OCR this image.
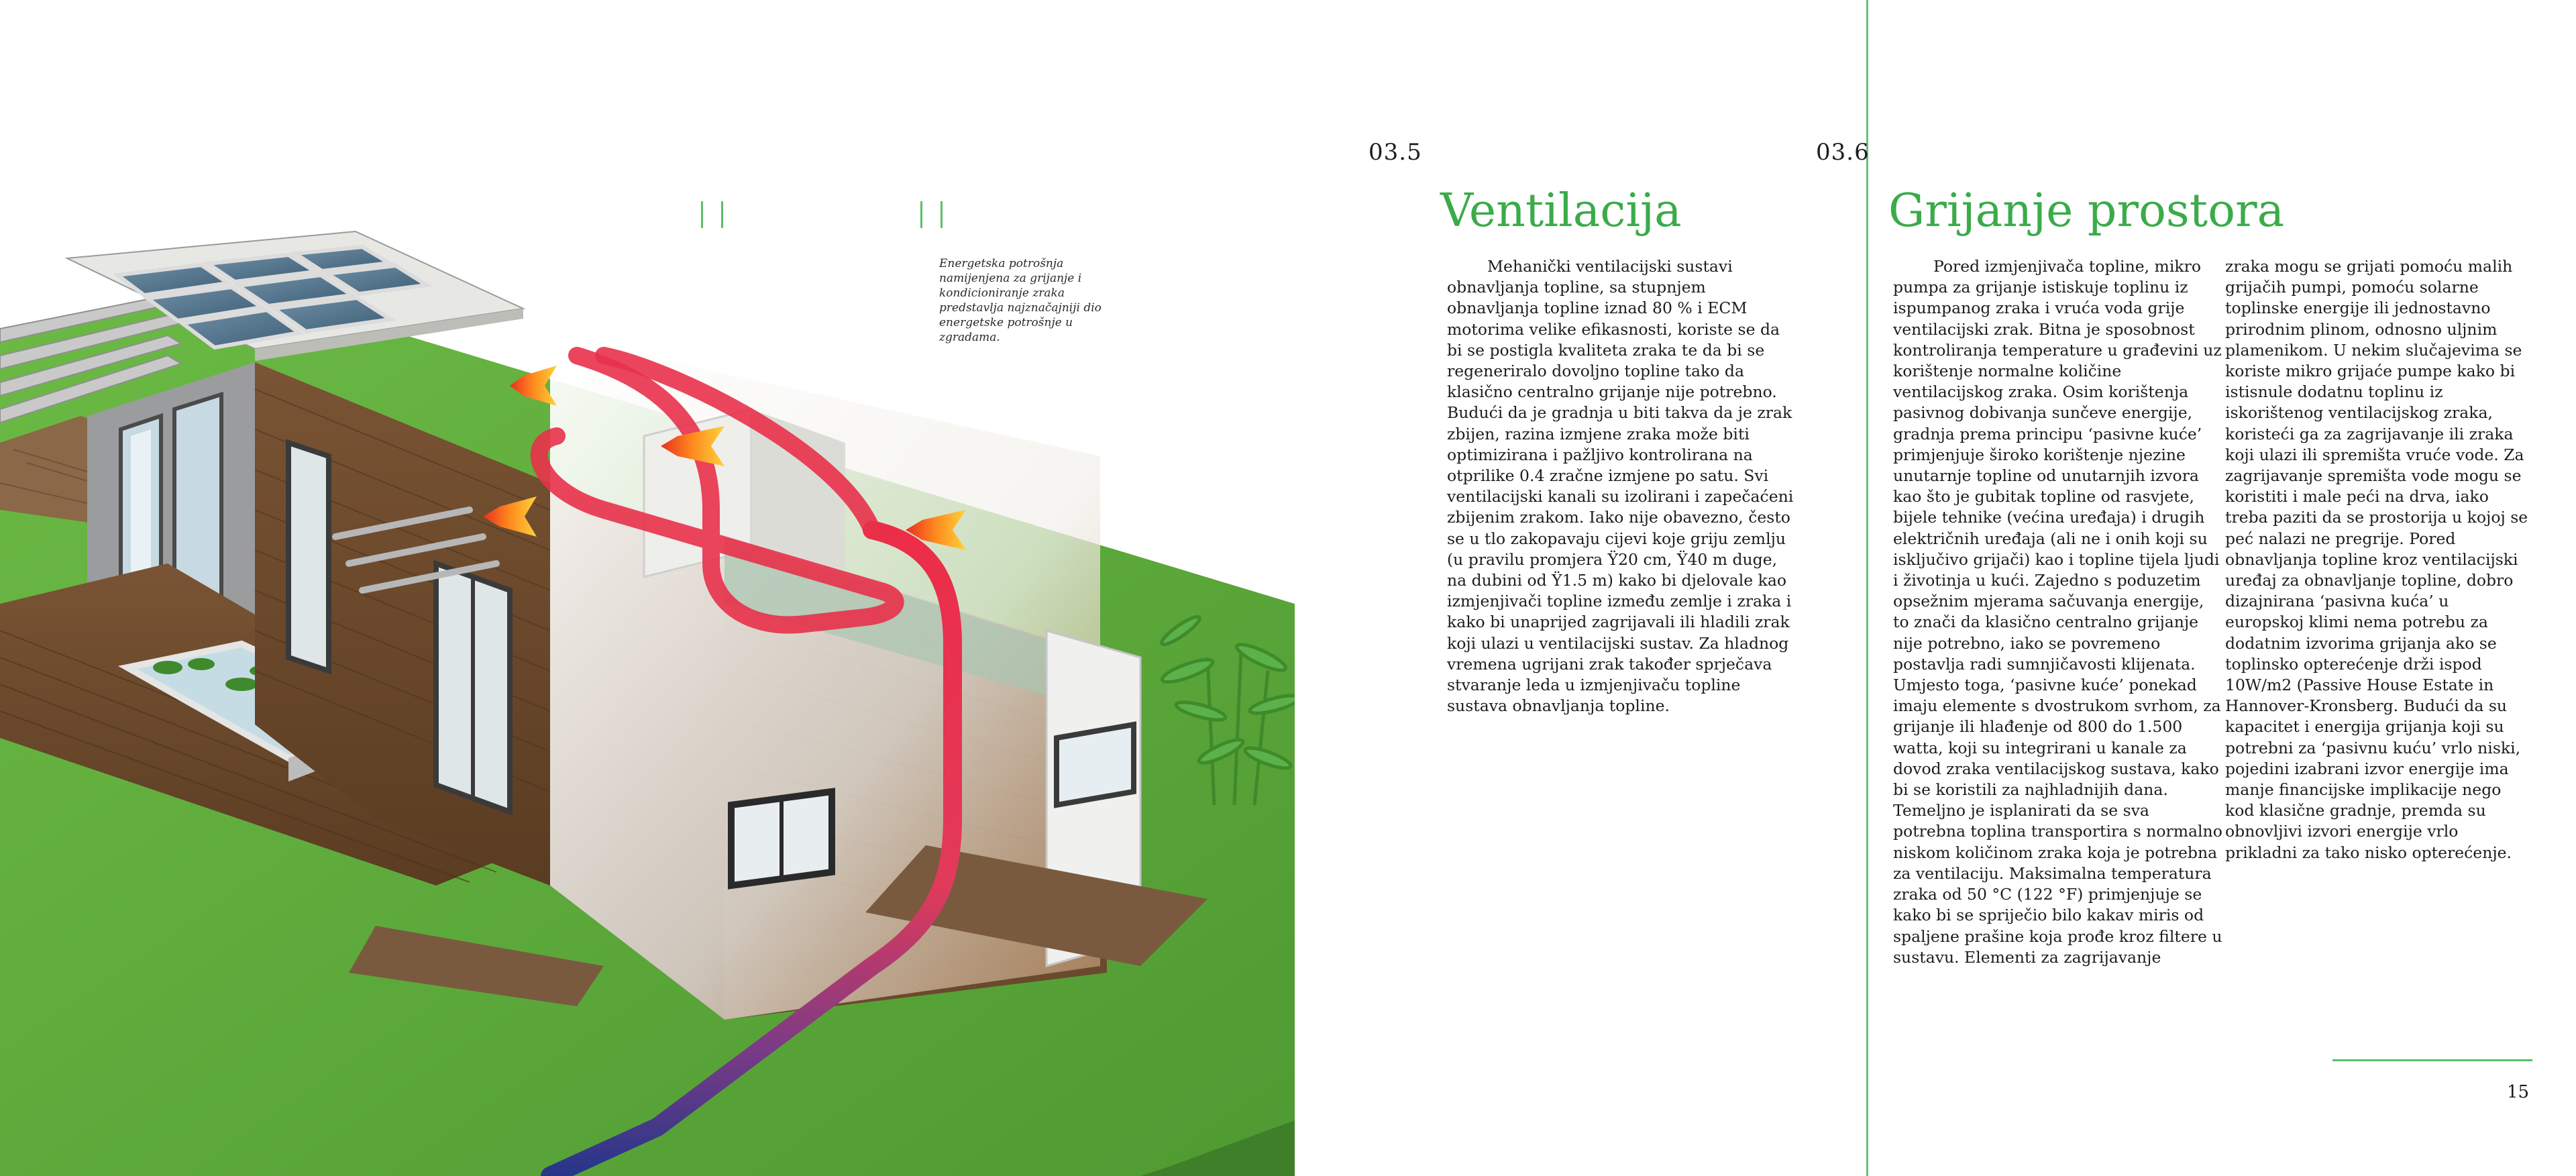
Energetska potrošnja namijenjena za grijanje i kondicioniranje zraka predstavlja najznačajniji dio energetske potrošnje u zgradama.

03.5

Ventilacija

Mehanički ventilacijski sustavi obnavljanja topline, sa stupnjem obnavljanja topline iznad 80 % i ECM motorima velike efikasnosti, koriste se da bi se postigla kvaliteta zraka te da bi se regeneriralo dovoljno topline tako da klasično centralno grijanje nije potrebno. Budući da je gradnja u biti takva da je zrak zbijen, razina izmjene zraka može biti optimizirana i pažljivo kontrolirana na otprilike 0.4 zračne izmjene po satu. Svi ventilacijski kanali su izolirani i zapečaćeni zbijenim zrakom. Iako nije obavezno, često se u tlo zakopavaju cijevi koje griju zemlju (u pravilu promjera Ÿ20 cm, Ÿ40 m duge, na dubini od Ÿ1.5 m) kako bi djelovale kao izmjenjivači topline između zemlje i zraka i kako bi unaprijed zagrijavali ili hladili zrak koji ulazi u ventilacijski sustav. Za hladnog vremena ugrijani zrak također sprječava stvaranje leda u izmjenjivaču topline sustava obnavljanja topline.

03.6

Grijanje prostora

Pored izmjenjivača topline, mikro pumpa za grijanje istiskuje toplinu iz ispumpanog zraka i vruća voda grije ventilacijski zrak. Bitna je sposobnost kontroliranja temperature u građevini uz korištenje normalne količine ventilacijskog zraka. Osim korištenja pasivnog dobivanja sunčeve energije, gradnja prema principu ‘pasivne kuće’ primjenjuje široko korištenje njezine unutarnje topline od unutarnjih izvora kao što je gubitak topline od rasvjete, bijele tehnike (većina uređaja) i drugih električnih uređaja (ali ne i onih koji su isključivo grijači) kao i topline tijela ljudi i životinja u kući. Zajedno s poduzetim opsežnim mjerama sačuvanja energije, to znači da klasično centralno grijanje nije potrebno, iako se povremeno postavlja radi sumnjičavosti klijenata. Umjesto toga, ‘pasivne kuće’ ponekad imaju elemente s dvostrukom svrhom, za grijanje ili hlađenje od 800 do 1.500 watta, koji su integrirani u kanale za dovod zraka ventilacijskog sustava, kako bi se koristili za najhladnijih dana. Temeljno je isplanirati da se sva potrebna toplina transportira s normalno niskom količinom zraka koja je potrebna za ventilaciju. Maksimalna temperatura zraka od 50 °C (122 °F) primjenjuje se kako bi se spriječio bilo kakav miris od spaljene prašine koja prođe kroz filtere u sustavu. Elementi za zagrijavanje

zraka mogu se grijati pomoću malih grijačih pumpi, pomoću solarne toplinske energije ili jednostavno prirodnim plinom, odnosno uljnim plamenikom. U nekim slučajevima se koriste mikro grijaće pumpe kako bi istisnule dodatnu toplinu iz iskorištenog ventilacijskog zraka, koristeći ga za zagrijavanje ili zraka koji ulazi ili spremišta vruće vode. Za zagrijavanje spremišta vode mogu se koristiti i male peći na drva, iako treba paziti da se prostorija u kojoj se peć nalazi ne pregrije. Pored obnavljanja topline kroz ventilacijski uređaj za obnavljanje topline, dobro dizajnirana ‘pasivna kuća’ u europskoj klimi nema potrebu za dodatnim izvorima grijanja ako se toplinsko opterećenje drži ispod 10W/m2 (Passive House Estate in Hannover-Kronsberg. Budući da su kapacitet i energija grijanja koji su potrebni za ‘pasivnu kuću’ vrlo niski, pojedini izabrani izvor energije ima manje financijske implikacije nego kod klasične gradnje, premda su obnovljivi izvori energije vrlo prikladni za tako nisko opterećenje.

15
